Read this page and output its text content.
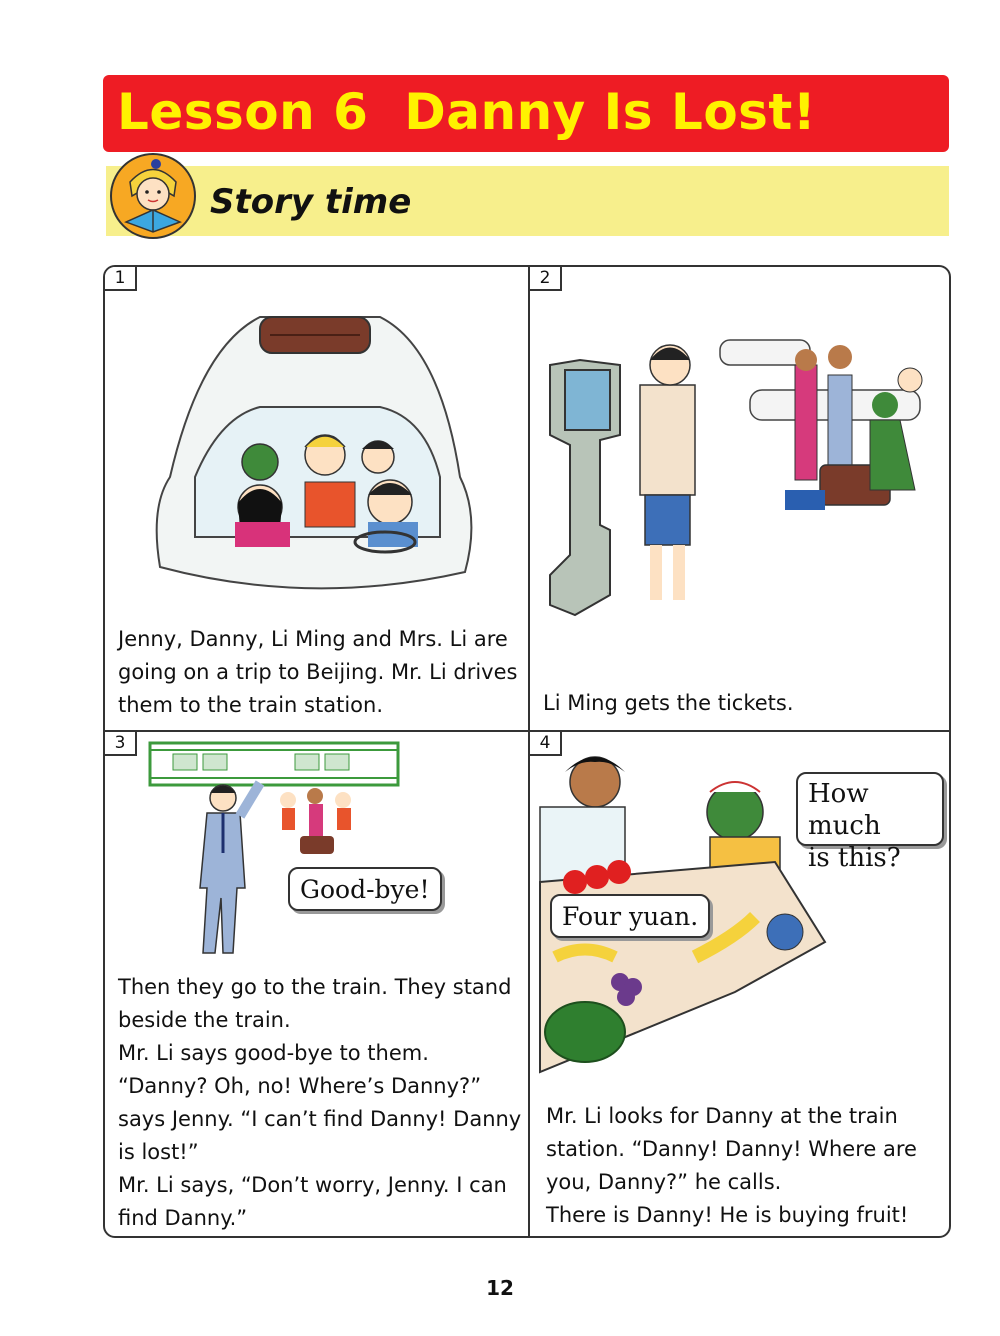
Lesson 6  Danny Is Lost!
Story time
1
Jenny, Danny, Li Ming and Mrs. Li are
going on a trip to Beijing. Mr. Li drives
them to the train station.
2
Li Ming gets the tickets.
3
Good-bye!
Then they go to the train. They stand
beside the train.
Mr. Li says good-bye to them.
“Danny? Oh, no! Where’s Danny?”
says Jenny. “I can’t find Danny! Danny
is lost!”
Mr. Li says, “Don’t worry, Jenny. I can
find Danny.”
4
How much
is this?
Four yuan.
Mr. Li looks for Danny at the train
station. “Danny! Danny! Where are
you, Danny?” he calls.
There is Danny! He is buying fruit!
12
